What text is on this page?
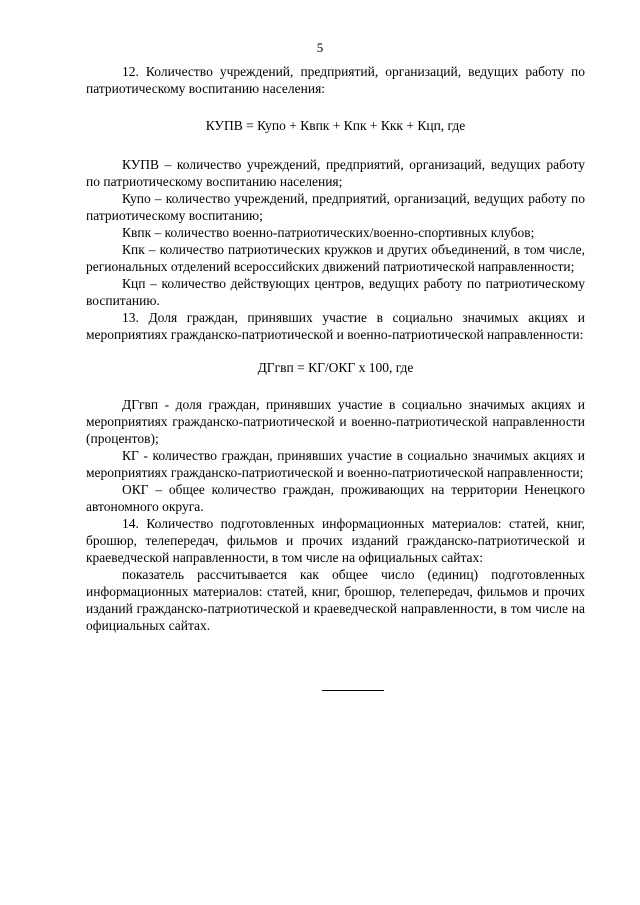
5

12. Количество учреждений, предприятий, организаций, ведущих работу по патриотическому воспитанию населения:

КУПВ = Купо + Квпк + Кпк + Ккк + Кцп, где

КУПВ – количество учреждений, предприятий, организаций, ведущих работу по патриотическому воспитанию населения;

Купо – количество учреждений, предприятий, организаций, ведущих работу по патриотическому воспитанию;

Квпк – количество военно-патриотических/военно-спортивных клубов;

Кпк – количество патриотических кружков и других объединений, в том числе, региональных отделений всероссийских движений патриотической направленности;

Кцп – количество действующих центров, ведущих работу по патриотическому воспитанию.

13. Доля граждан, принявших участие в социально значимых акциях и мероприятиях гражданско-патриотической и военно-патриотической направленности:

ДГгвп = КГ/ОКГ х 100, где

ДГгвп - доля граждан, принявших участие в социально значимых акциях и мероприятиях гражданско-патриотической и военно-патриотической направленности (процентов);

КГ - количество граждан, принявших участие в социально значимых акциях и мероприятиях гражданско-патриотической и военно-патриотической направленности;

ОКГ – общее количество граждан, проживающих на территории Ненецкого автономного округа.

14. Количество подготовленных информационных материалов: статей, книг, брошюр, телепередач, фильмов и прочих изданий гражданско-патриотической и краеведческой направленности, в том числе на официальных сайтах:

показатель рассчитывается как общее число (единиц) подготовленных информационных материалов: статей, книг, брошюр, телепередач, фильмов и прочих изданий гражданско-патриотической и краеведческой направленности, в том числе на официальных сайтах.
